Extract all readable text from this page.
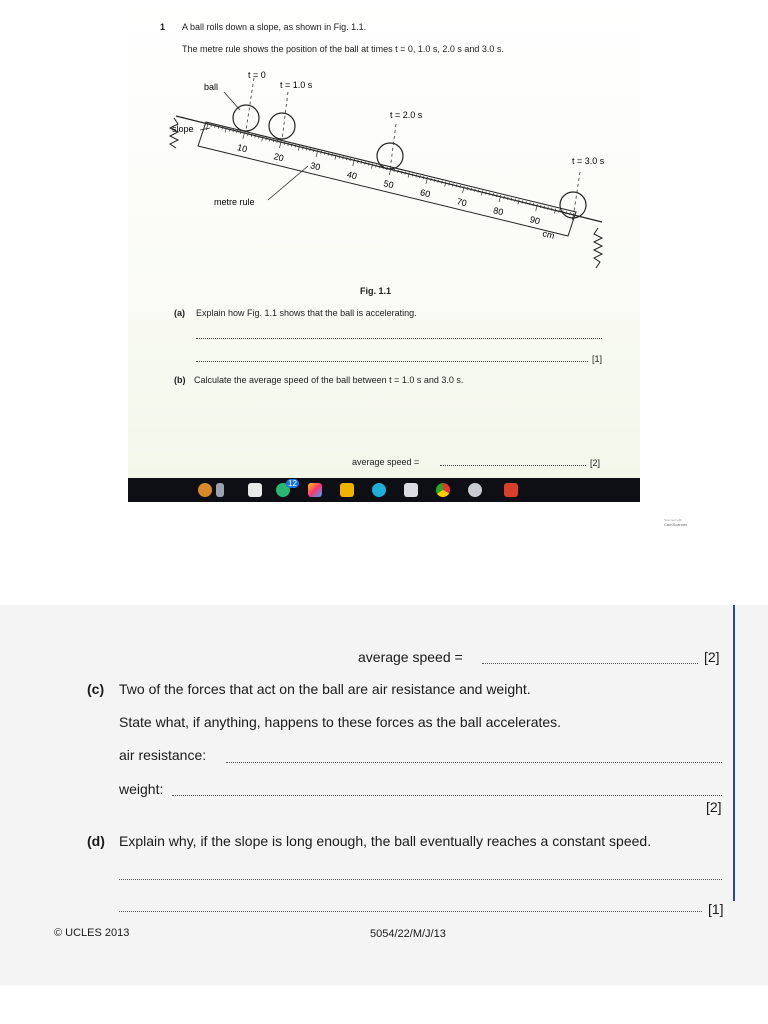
1 A ball rolls down a slope, as shown in Fig. 1.1.
The metre rule shows the position of the ball at times t = 0, 1.0 s, 2.0 s and 3.0 s.
10
20
30
40
50
60
70
80
90
ball
slope
metre rule
t = 0
t = 1.0 s
t = 2.0 s
t = 3.0 s
cm
Fig. 1.1
(a) Explain how Fig. 1.1 shows that the ball is accelerating.
[1]
(b) Calculate the average speed of the ball between t = 1.0 s and 3.0 s.
average speed =	[2]
12
Scanned with
CamScanner
average speed =	[2]
(c) Two of the forces that act on the ball are air resistance and weight.
State what, if anything, happens to these forces as the ball accelerates.
air resistance:
weight:
[2]
(d) Explain why, if the slope is long enough, the ball eventually reaches a constant speed.
[1]
© UCLES 2013	5054/22/M/J/13
